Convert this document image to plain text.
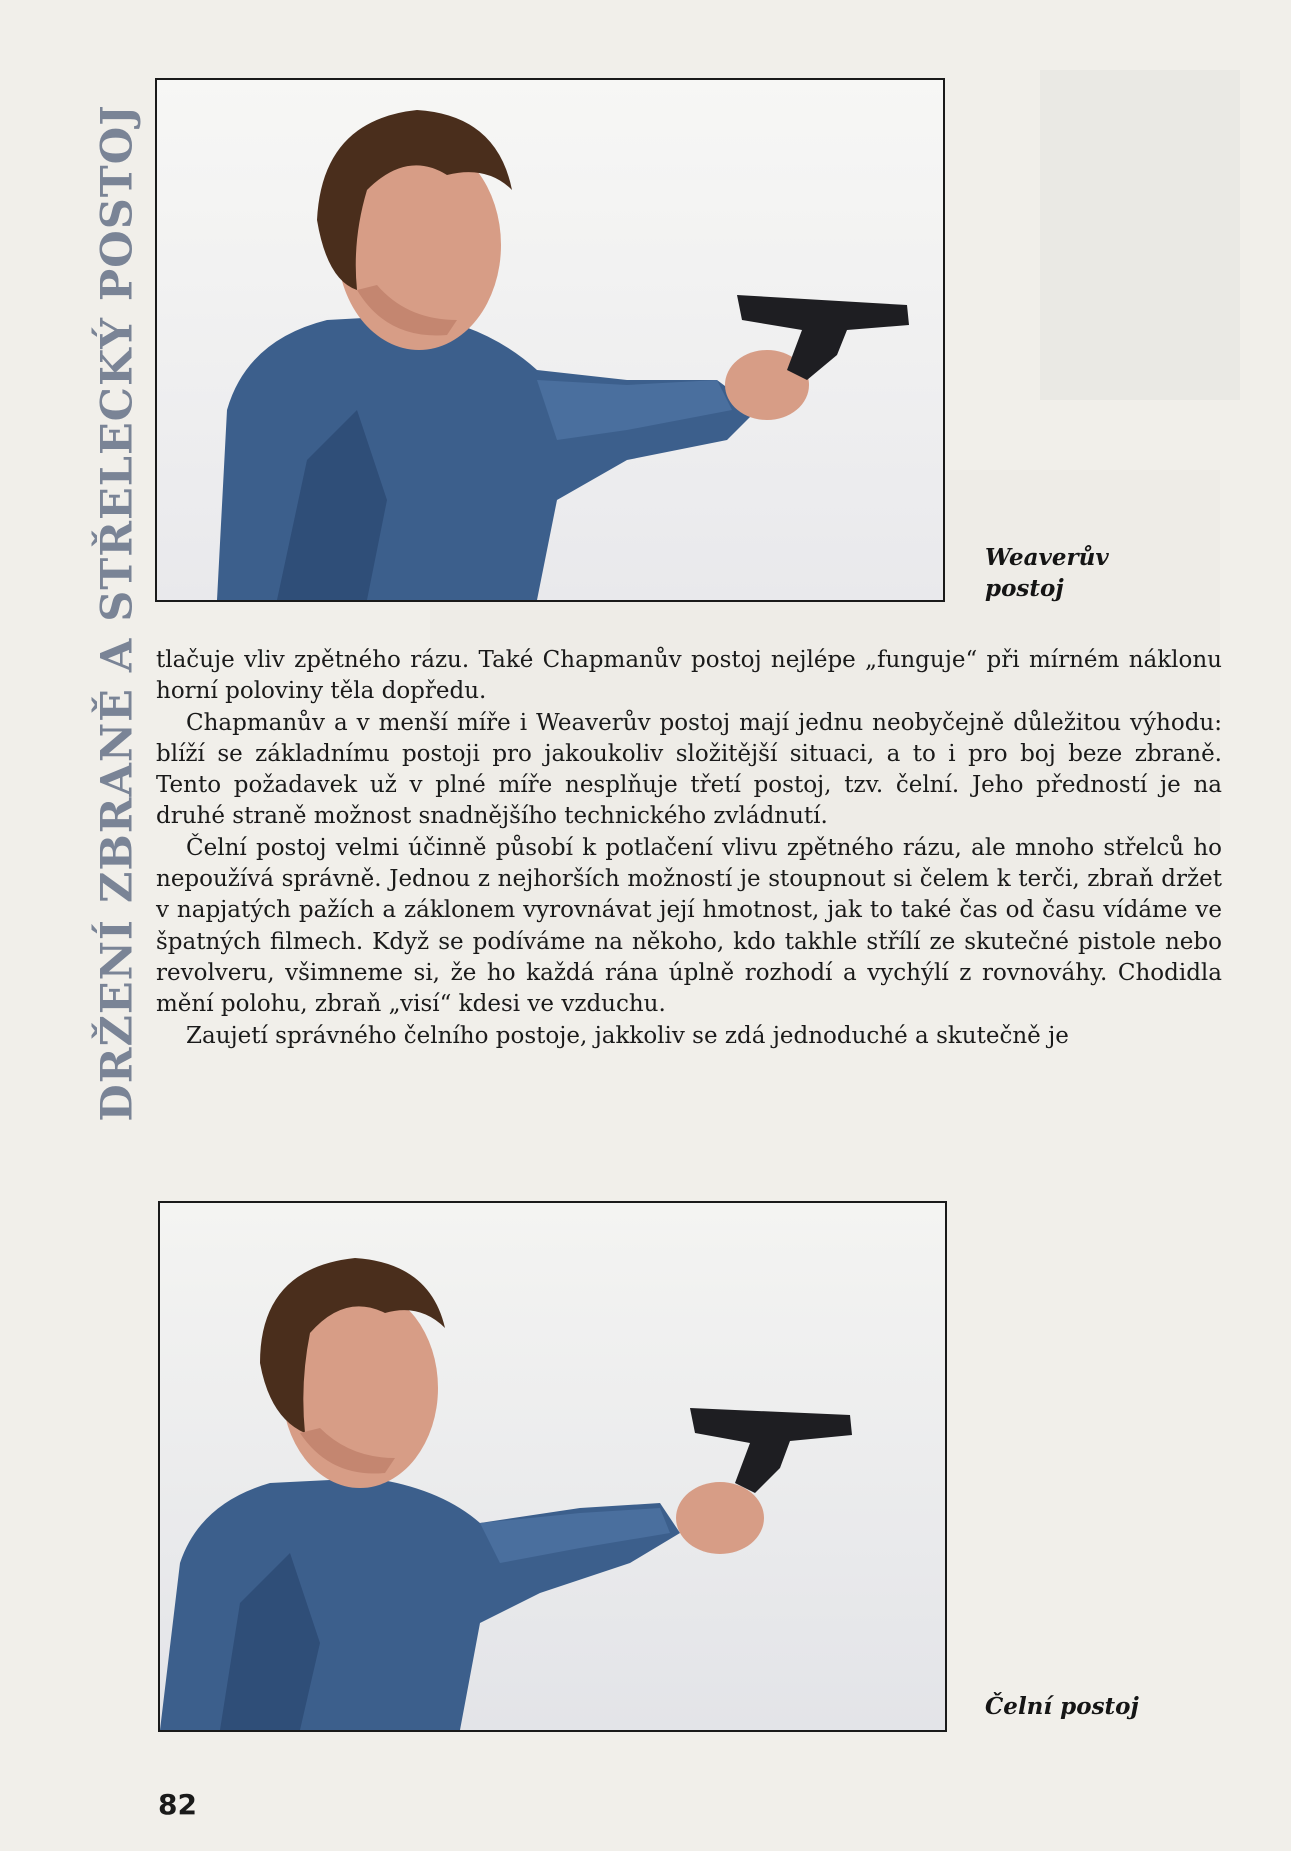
DRŽENÍ ZBRANĚ A STŘELECKÝ POSTOJ	Weaverův
postoj

tlačuje vliv zpětného rázu. Také Chapmanův postoj nejlépe „funguje“ při mírném náklonu horní poloviny těla dopředu.

Chapmanův a v menší míře i Weaverův postoj mají jednu neobyčejně důležitou výhodu: blíží se základnímu postoji pro jakoukoliv složitější situaci, a to i pro boj beze zbraně. Tento požadavek už v plné míře nesplňuje třetí postoj, tzv. čelní. Jeho předností je na druhé straně možnost snadnějšího technického zvládnutí.

Čelní postoj velmi účinně působí k potlačení vlivu zpětného rázu, ale mnoho střelců ho nepoužívá správně. Jednou z nejhorších možností je stoupnout si čelem k terči, zbraň držet v napjatých pažích a záklonem vyrovnávat její hmotnost, jak to také čas od času vídáme ve špatných filmech. Když se podíváme na někoho, kdo takhle střílí ze skutečné pistole nebo revolveru, všimneme si, že ho každá rána úplně rozhodí a vychýlí z rovnováhy. Chodidla mění polohu, zbraň „visí“ kdesi ve vzduchu.

Zaujetí správného čelního postoje, jakkoliv se zdá jednoduché a skutečně je

Čelní postoj
82
